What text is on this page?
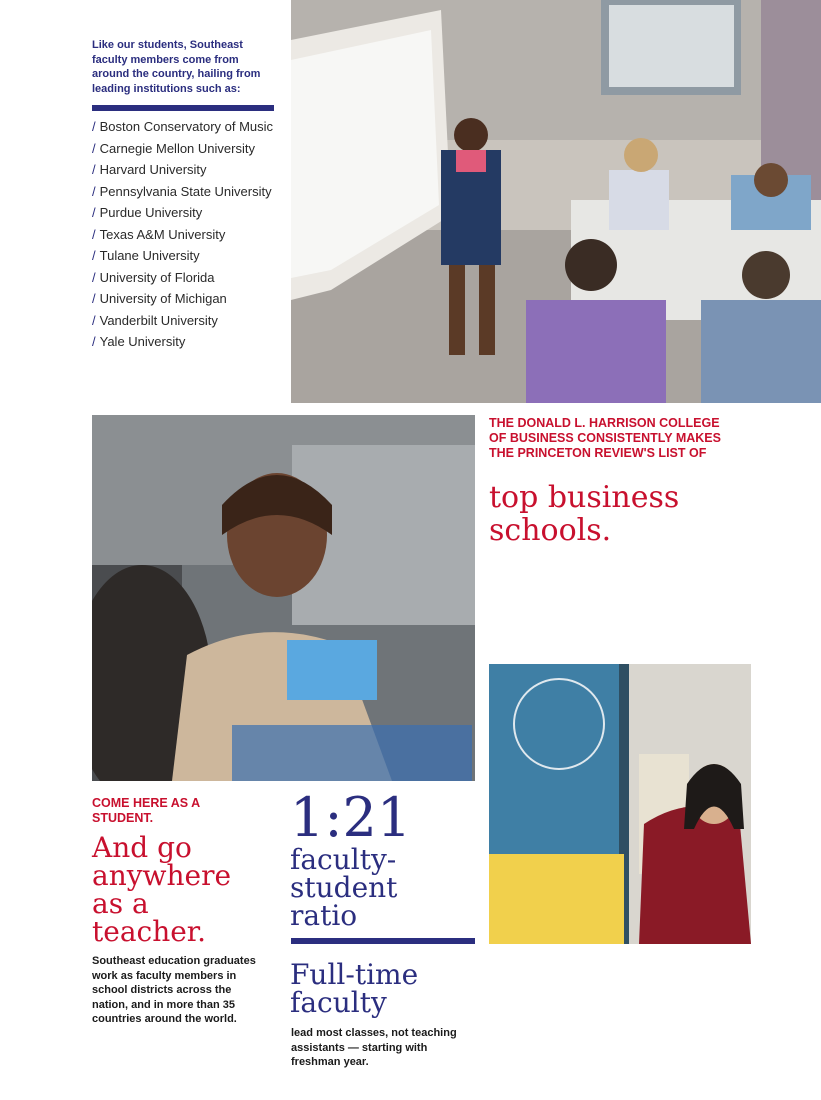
Like our students, Southeast faculty members come from around the country, hailing from leading institutions such as:

/ Boston Conservatory of Music
/ Carnegie Mellon University
/ Harvard University
/ Pennsylvania State University
/ Purdue University
/ Texas A&M University
/ Tulane University
/ University of Florida
/ University of Michigan
/ Vanderbilt University
/ Yale University

THE DONALD L. HARRISON COLLEGE OF BUSINESS CONSISTENTLY MAKES THE PRINCETON REVIEW'S LIST OF

top business schools.

COME HERE AS A STUDENT.

And go anywhere as a teacher.

Southeast education graduates work as faculty members in school districts across the nation, and in more than 35 countries around the world.

1:21

faculty-student ratio

Full-time faculty

lead most classes, not teaching assistants — starting with freshman year.
